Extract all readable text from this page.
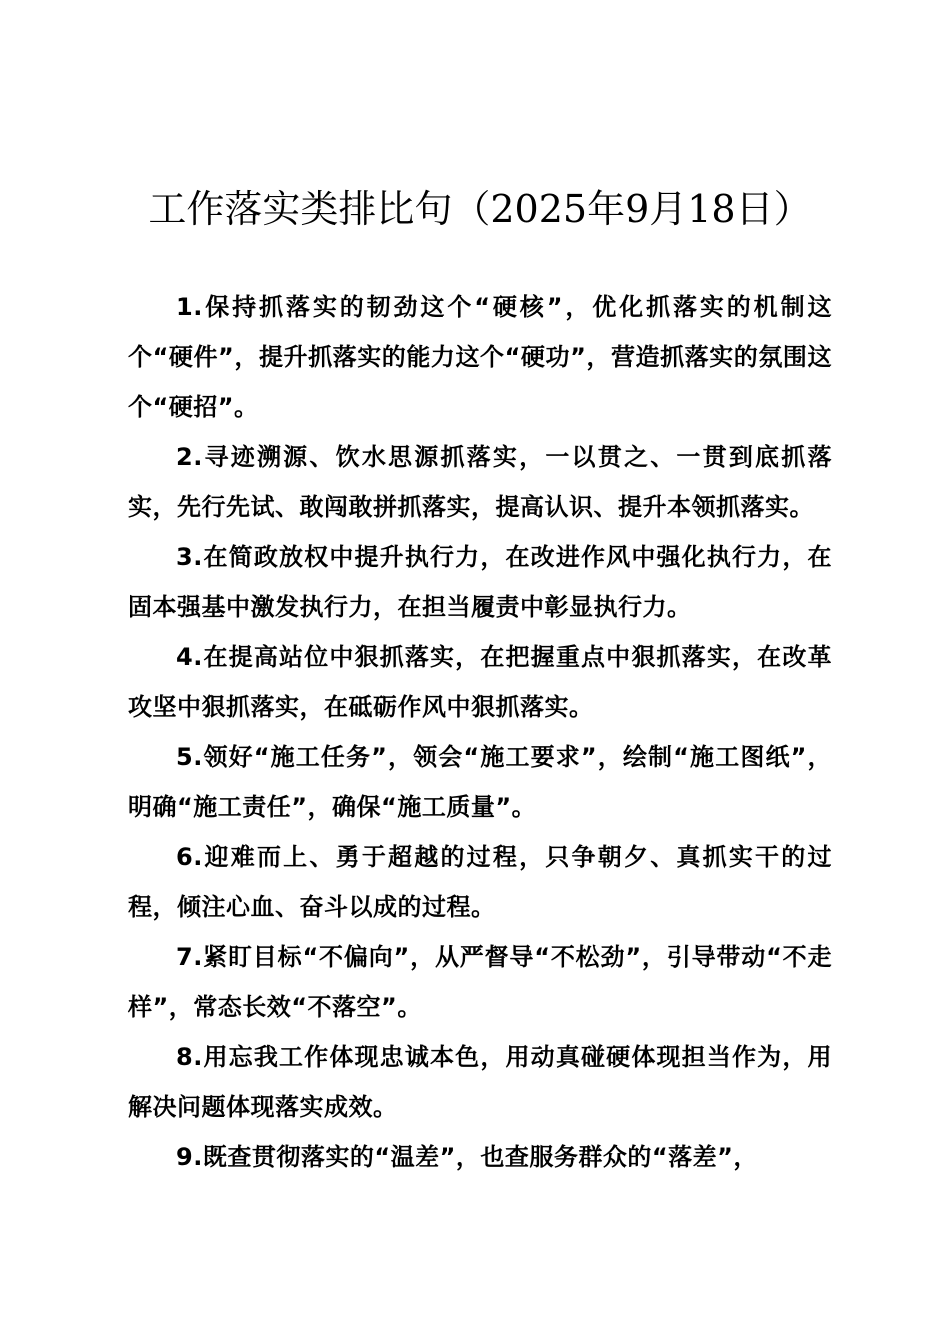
工作落实类排比句（2025年9月18日）

1.保持抓落实的韧劲这个“硬核”，优化抓落实的机制这个“硬件”，提升抓落实的能力这个“硬功”，营造抓落实的氛围这个“硬招”。

2.寻迹溯源、饮水思源抓落实，一以贯之、一贯到底抓落实，先行先试、敢闯敢拼抓落实，提高认识、提升本领抓落实。

3.在简政放权中提升执行力，在改进作风中强化执行力，在固本强基中激发执行力，在担当履责中彰显执行力。

4.在提高站位中狠抓落实，在把握重点中狠抓落实，在改革攻坚中狠抓落实，在砥砺作风中狠抓落实。

5.领好“施工任务”，领会“施工要求”，绘制“施工图纸”，明确“施工责任”，确保“施工质量”。

6.迎难而上、勇于超越的过程，只争朝夕、真抓实干的过程，倾注心血、奋斗以成的过程。

7.紧盯目标“不偏向”，从严督导“不松劲”，引导带动“不走样”，常态长效“不落空”。

8.用忘我工作体现忠诚本色，用动真碰硬体现担当作为，用解决问题体现落实成效。

9.既查贯彻落实的“温差”，也查服务群众的“落差”，
